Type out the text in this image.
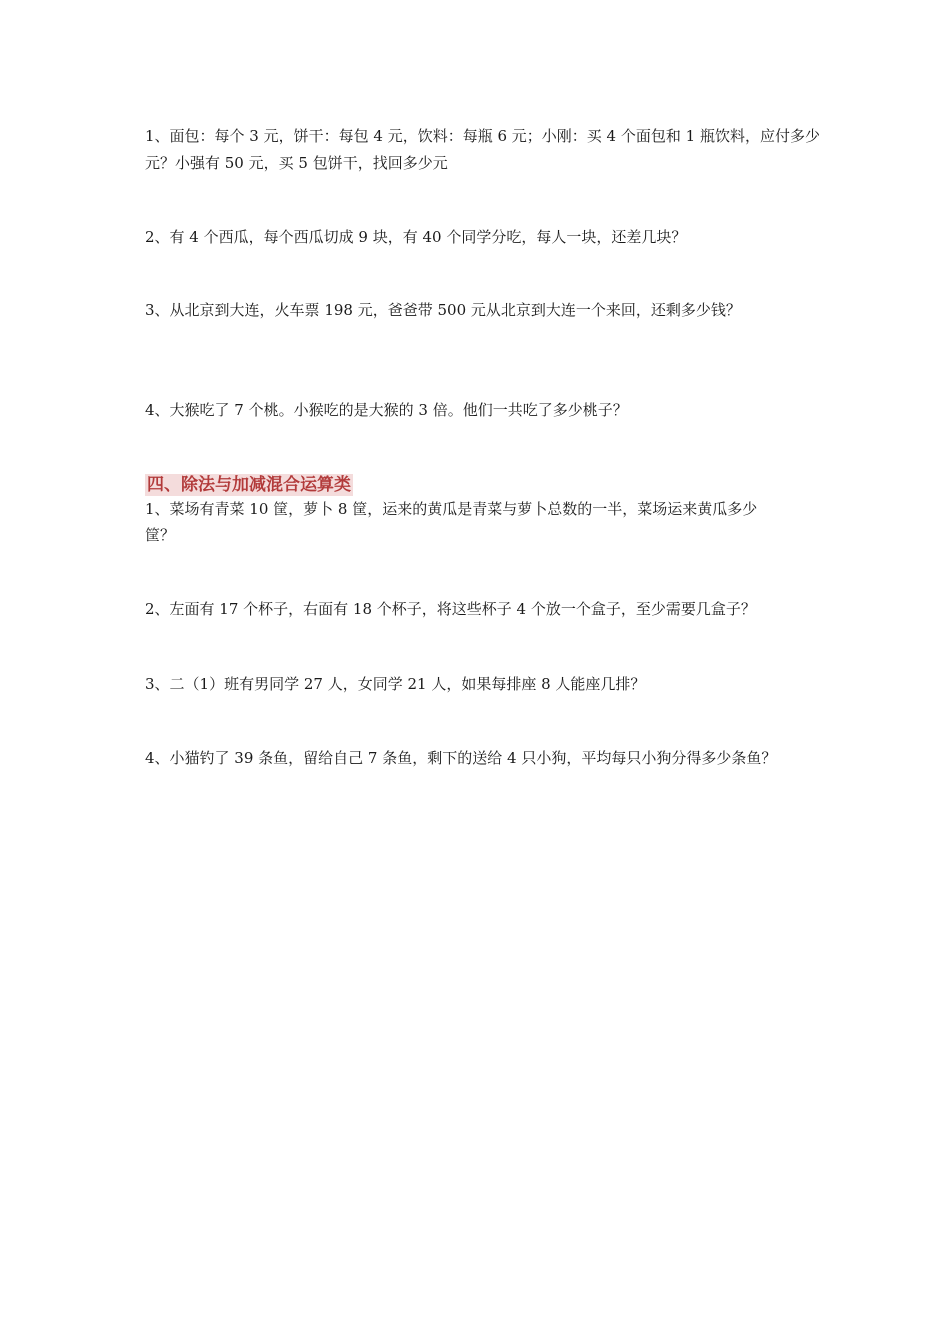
1、面包：每个 3 元，饼干：每包 4 元，饮料：每瓶 6 元；小刚：买 4 个面包和 1 瓶饮料，应付多少
元？小强有 50 元，买 5 包饼干，找回多少元
2、有 4 个西瓜，每个西瓜切成 9 块，有 40 个同学分吃，每人一块，还差几块？
3、从北京到大连，火车票 198 元，爸爸带 500 元从北京到大连一个来回，还剩多少钱？
4、大猴吃了 7 个桃。小猴吃的是大猴的 3 倍。他们一共吃了多少桃子？
四、除法与加减混合运算类
1、菜场有青菜 10 筐，萝卜 8 筐，运来的黄瓜是青菜与萝卜总数的一半，菜场运来黄瓜多少
筐？
2、左面有 17 个杯子，右面有 18 个杯子，将这些杯子 4 个放一个盒子，至少需要几盒子？
3、二（1）班有男同学 27 人，女同学 21 人，如果每排座 8 人能座几排？
4、小猫钓了 39 条鱼，留给自己 7 条鱼，剩下的送给 4 只小狗，平均每只小狗分得多少条鱼？
